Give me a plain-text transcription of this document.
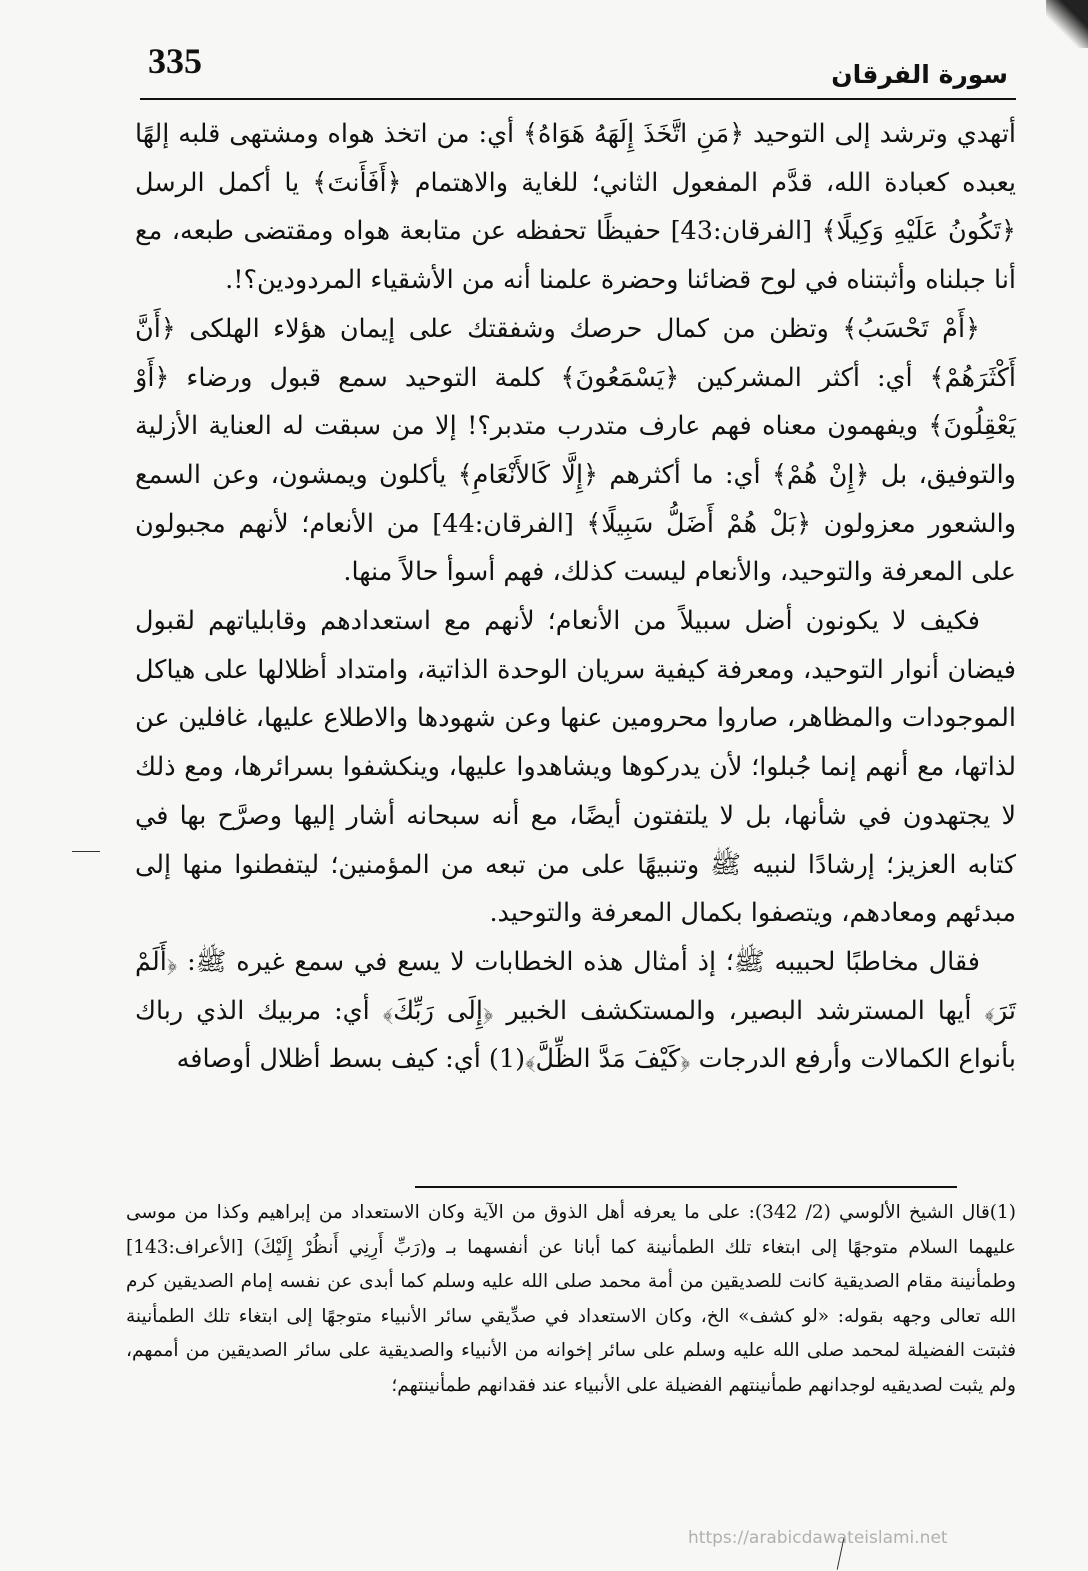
335	سورة الفرقان

أتهدي وترشد إلى التوحيد ﴿مَنِ اتَّخَذَ إِلَهَهُ هَوَاهُ﴾ أي: من اتخذ هواه ومشتهى قلبه إلهًا يعبده كعبادة الله، قدَّم المفعول الثاني؛ للغاية والاهتمام ﴿أَفَأَنتَ﴾ يا أكمل الرسل ﴿تَكُونُ عَلَيْهِ وَكِيلًا﴾ [الفرقان:43] حفيظًا تحفظه عن متابعة هواه ومقتضى طبعه، مع أنا جبلناه وأثبتناه في لوح قضائنا وحضرة علمنا أنه من الأشقياء المردودين؟!.

﴿أَمْ تَحْسَبُ﴾ وتظن من كمال حرصك وشفقتك على إيمان هؤلاء الهلكى ﴿أَنَّ أَكْثَرَهُمْ﴾ أي: أكثر المشركين ﴿يَسْمَعُونَ﴾ كلمة التوحيد سمع قبول ورضاء ﴿أَوْ يَعْقِلُونَ﴾ ويفهمون معناه فهم عارف متدرب متدبر؟! إلا من سبقت له العناية الأزلية والتوفيق، بل ﴿إِنْ هُمْ﴾ أي: ما أكثرهم ﴿إِلَّا كَالأَنْعَامِ﴾ يأكلون ويمشون، وعن السمع والشعور معزولون ﴿بَلْ هُمْ أَضَلُّ سَبِيلًا﴾ [الفرقان:44] من الأنعام؛ لأنهم مجبولون على المعرفة والتوحيد، والأنعام ليست كذلك، فهم أسوأ حالاً منها.

فكيف لا يكونون أضل سبيلاً من الأنعام؛ لأنهم مع استعدادهم وقابلياتهم لقبول فيضان أنوار التوحيد، ومعرفة كيفية سريان الوحدة الذاتية، وامتداد أظلالها على هياكل الموجودات والمظاهر، صاروا محرومين عنها وعن شهودها والاطلاع عليها، غافلين عن لذاتها، مع أنهم إنما جُبلوا؛ لأن يدركوها ويشاهدوا عليها، وينكشفوا بسرائرها، ومع ذلك لا يجتهدون في شأنها، بل لا يلتفتون أيضًا، مع أنه سبحانه أشار إليها وصرَّح بها في كتابه العزيز؛ إرشادًا لنبيه ﷺ وتنبيهًا على من تبعه من المؤمنين؛ ليتفطنوا منها إلى مبدئهم ومعادهم، ويتصفوا بكمال المعرفة والتوحيد.

فقال مخاطبًا لحبيبه ﷺ؛ إذ أمثال هذه الخطابات لا يسع في سمع غيره ﷺ: ﴿أَلَمْ تَرَ﴾ أيها المسترشد البصير، والمستكشف الخبير ﴿إِلَى رَبِّكَ﴾ أي: مربيك الذي رباك بأنواع الكمالات وأرفع الدرجات ﴿كَيْفَ مَدَّ الظِّلَّ﴾(1) أي: كيف بسط أظلال أوصافه

(1)قال الشيخ الألوسي (2/ 342): على ما يعرفه أهل الذوق من الآية وكان الاستعداد من إبراهيم وكذا من موسى عليهما السلام متوجهًا إلى ابتغاء تلك الطمأنينة كما أبانا عن أنفسهما بـ و(رَبِّ أَرِنِي أَنظُرْ إِلَيْكَ) [الأعراف:143] وطمأنينة مقام الصديقية كانت للصديقين من أمة محمد صلى الله عليه وسلم كما أبدى عن نفسه إمام الصديقين كرم الله تعالى وجهه بقوله: «لو كشف» الخ، وكان الاستعداد في صدِّيقي سائر الأنبياء متوجهًا إلى ابتغاء تلك الطمأنينة فثبتت الفضيلة لمحمد صلى الله عليه وسلم على سائر إخوانه من الأنبياء والصديقية على سائر الصديقين من أممهم، ولم يثبت لصديقيه لوجدانهم طمأنينتهم الفضيلة على الأنبياء عند فقدانهم طمأنينتهم؛

https://arabicdawateislami.net
